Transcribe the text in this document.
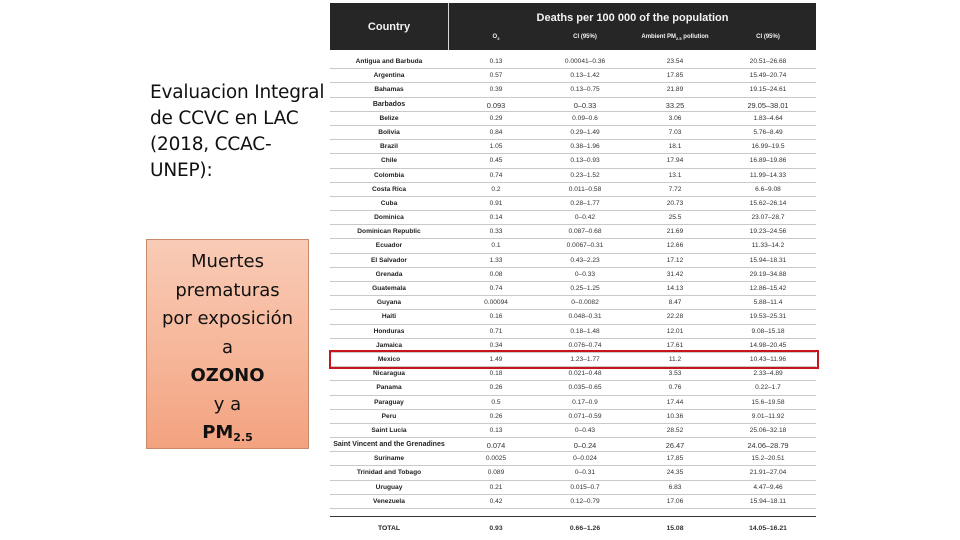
Evaluacion Integral
de CCVC en LAC
(2018, CCAC-
UNEP):
Muertes
prematuras
por exposición
a
OZONO
y a
$PM_{2.5}$
Country
Deaths per 100 000 of the population
$O_3$	CI (95%)	Ambient $PM_{2.5}$ pollution	CI (95%)
Antigua and Barbuda	0.13	0.00041–0.36	23.54	20.51–26.68
Argentina	0.57	0.13–1.42	17.85	15.49–20.74
Bahamas	0.39	0.13–0.75	21.89	19.15–24.61
Barbados	0.093	0–0.33	33.25	29.05–38.01
Belize	0.29	0.09–0.6	3.06	1.83–4.64
Bolivia	0.84	0.29–1.49	7.03	5.76–8.49
Brazil	1.05	0.38–1.96	18.1	16.99–19.5
Chile	0.45	0.13–0.93	17.94	16.89–19.86
Colombia	0.74	0.23–1.52	13.1	11.99–14.33
Costa Rica	0.2	0.011–0.58	7.72	6.6–9.08
Cuba	0.91	0.28–1.77	20.73	15.62–26.14
Dominica	0.14	0–0.42	25.5	23.07–28.7
Dominican Republic	0.33	0.087–0.68	21.69	19.23–24.56
Ecuador	0.1	0.0067–0.31	12.66	11.33–14.2
El Salvador	1.33	0.43–2.23	17.12	15.94–18.31
Grenada	0.08	0–0.33	31.42	29.19–34.88
Guatemala	0.74	0.25–1.25	14.13	12.86–15.42
Guyana	0.00094	0–0.0082	8.47	5.88–11.4
Haiti	0.16	0.048–0.31	22.28	19.53–25.31
Honduras	0.71	0.18–1.48	12.01	9.08–15.18
Jamaica	0.34	0.076–0.74	17.61	14.98–20.45
Mexico	1.49	1.23–1.77	11.2	10.43–11.96
Nicaragua	0.18	0.021–0.48	3.53	2.33–4.89
Panama	0.26	0.035–0.65	0.76	0.22–1.7
Paraguay	0.5	0.17–0.9	17.44	15.6–19.58
Peru	0.26	0.071–0.59	10.36	9.01–11.92
Saint Lucia	0.13	0–0.43	28.52	25.06–32.18
Saint Vincent and the Grenadines	0.074	0–0.24	26.47	24.06–28.79
Suriname	0.0025	0–0.024	17.85	15.2–20.51
Trinidad and Tobago	0.089	0–0.31	24.35	21.91–27.04
Uruguay	0.21	0.015–0.7	6.83	4.47–9.46
Venezuela	0.42	0.12–0.79	17.06	15.94–18.11
TOTAL	0.93	0.66–1.26	15.08	14.05–16.21
